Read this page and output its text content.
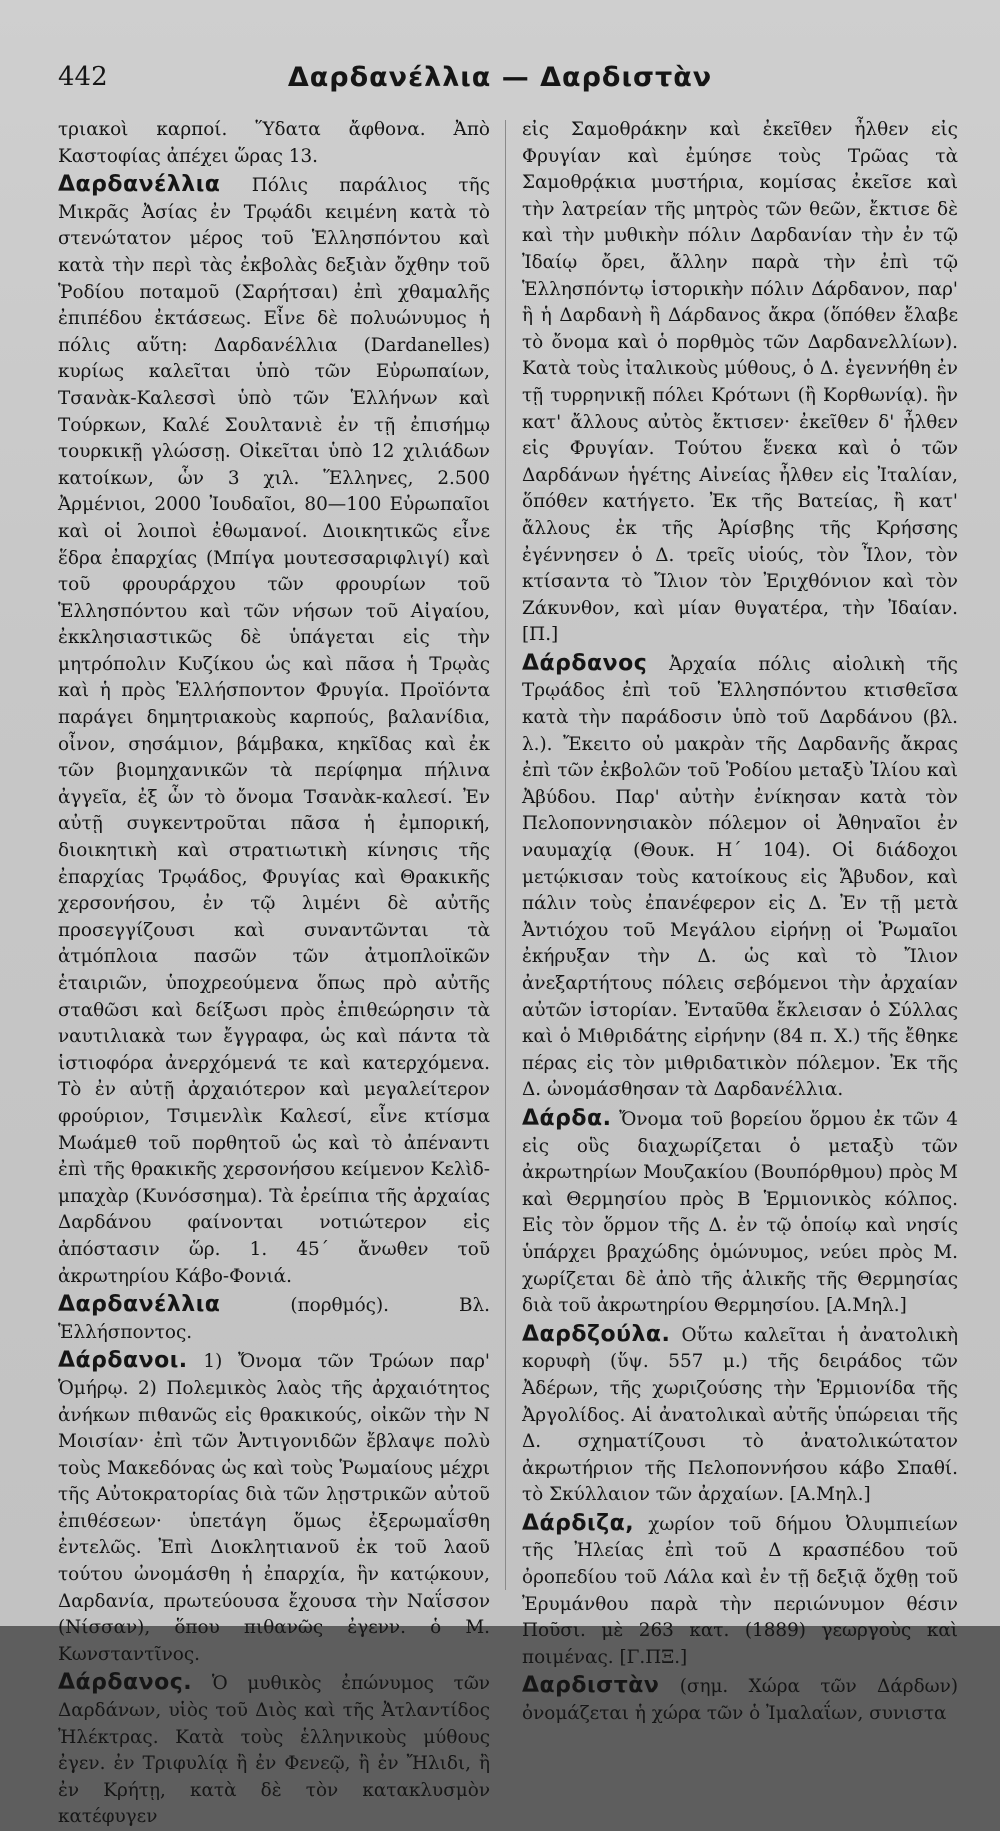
442	Δαρδανέλλια — Δαρδιστὰν

τριακοὶ καρποί. Ὕδατα ἄφθονα. Ἀπὸ Καστοφίας ἀπέχει ὥρας 13.

Δαρδανέλλια Πόλις παράλιος τῆς Μικρᾶς Ἀσίας ἐν Τρῳάδι κειμένη κατὰ τὸ στενώτατον μέρος τοῦ Ἑλλησπόντου καὶ κατὰ τὴν περὶ τὰς ἐκβολὰς δεξιὰν ὄχθην τοῦ Ῥοδίου ποταμοῦ (Σαρήτσαι) ἐπὶ χθαμαλῆς ἐπιπέδου ἐκτάσεως. Εἶνε δὲ πολυώνυμος ἡ πόλις αὕτη: Δαρδανέλλια (Dardanelles) κυρίως καλεῖται ὑπὸ τῶν Εὐρωπαίων, Τσανὰκ-Καλεσσὶ ὑπὸ τῶν Ἑλλήνων καὶ Τούρκων, Καλέ Σουλτανιὲ ἐν τῇ ἐπισήμῳ τουρκικῇ γλώσσῃ. Οἰκεῖται ὑπὸ 12 χιλιάδων κατοίκων, ὧν 3 χιλ. Ἕλληνες, 2.500 Ἀρμένιοι, 2000 Ἰουδαῖοι, 80—100 Εὐρωπαῖοι καὶ οἱ λοιποὶ ἐθωμανοί. Διοικητικῶς εἶνε ἕδρα ἐπαρχίας (Μπίγα μουτεσσαριφλιγί) καὶ τοῦ φρουράρχου τῶν φρουρίων τοῦ Ἑλλησπόντου καὶ τῶν νήσων τοῦ Αἰγαίου, ἐκκλησιαστικῶς δὲ ὑπάγεται εἰς τὴν μητρόπολιν Κυζίκου ὡς καὶ πᾶσα ἡ Τρῳὰς καὶ ἡ πρὸς Ἑλλήσποντον Φρυγία. Προϊόντα παράγει δημητριακοὺς καρπούς, βαλανίδια, οἶνον, σησάμιον, βάμβακα, κηκῖδας καὶ ἐκ τῶν βιομηχανικῶν τὰ περίφημα πήλινα ἀγγεῖα, ἐξ ὧν τὸ ὄνομα Τσανὰκ-καλεσί. Ἐν αὐτῇ συγκεντροῦται πᾶσα ἡ ἐμπορική, διοικητικὴ καὶ στρατιωτικὴ κίνησις τῆς ἐπαρχίας Τρῳάδος, Φρυγίας καὶ Θρακικῆς χερσονήσου, ἐν τῷ λιμένι δὲ αὐτῆς προσεγγίζουσι καὶ συναντῶνται τὰ ἀτμόπλοια πασῶν τῶν ἀτμοπλοϊκῶν ἑταιριῶν, ὑποχρεούμενα ὅπως πρὸ αὐτῆς σταθῶσι καὶ δείξωσι πρὸς ἐπιθεώρησιν τὰ ναυτιλιακὰ των ἔγγραφα, ὡς καὶ πάντα τὰ ἱστιοφόρα ἀνερχόμενά τε καὶ κατερχόμενα. Τὸ ἐν αὐτῇ ἀρχαιότερον καὶ μεγαλείτερον φρούριον, Τσιμενλὶκ Καλεσί, εἶνε κτίσμα Μωάμεθ τοῦ πορθητοῦ ὡς καὶ τὸ ἀπέναντι ἐπὶ τῆς θρακικῆς χερσονήσου κείμενον Κελὶδ-μπαχὰρ (Κυνόσσημα). Τὰ ἐρείπια τῆς ἀρχαίας Δαρδάνου φαίνονται νοτιώτερον εἰς ἀπόστασιν ὥρ. 1. 45΄ ἄνωθεν τοῦ ἀκρωτηρίου Κάβο-Φονιά.

Δαρδανέλλια	(πορθμός). Βλ. Ἑλλήσποντος.

Δάρδανοι. 1) Ὄνομα τῶν Τρώων παρ' Ὁμήρῳ. 2) Πολεμικὸς λαὸς τῆς ἀρχαιότητος ἀνήκων πιθανῶς εἰς θρακικούς, οἰκῶν τὴν Ν Μοισίαν· ἐπὶ τῶν Ἀντιγονιδῶν ἔβλαψε πολὺ τοὺς Μακεδόνας ὡς καὶ τοὺς Ῥωμαίους μέχρι τῆς Αὐτοκρατορίας διὰ τῶν λῃστρικῶν αὐτοῦ ἐπιθέσεων· ὑπετάγη ὅμως ἐξερωμαΐσθη ἐντελῶς. Ἐπὶ Διοκλητιανοῦ ἐκ τοῦ λαοῦ τούτου ὠνομάσθη ἡ ἐπαρχία, ἣν κατῴκουν, Δαρδανία, πρωτεύουσα ἔχουσα τὴν Ναΐσσον (Νίσσαν), ὅπου πιθανῶς ἐγενν. ὁ Μ. Κωνσταντῖνος.

Δάρδανος. Ὁ μυθικὸς ἐπώνυμος τῶν Δαρδάνων, υἱὸς τοῦ Διὸς καὶ τῆς Ἀτλαντίδος Ἠλέκτρας. Κατὰ τοὺς ἑλληνικοὺς μύθους ἐγεν. ἐν Τριφυλίᾳ ἢ ἐν Φενεῷ, ἢ ἐν Ἤλιδι, ἢ ἐν Κρήτῃ, κατὰ δὲ τὸν κατακλυσμὸν κατέφυγεν

εἰς Σαμοθράκην καὶ ἐκεῖθεν ἦλθεν εἰς Φρυγίαν καὶ ἐμύησε τοὺς Τρῶας τὰ Σαμοθρᾴκια μυστήρια, κομίσας ἐκεῖσε καὶ τὴν λατρείαν τῆς μητρὸς τῶν θεῶν, ἔκτισε δὲ καὶ τὴν μυθικὴν πόλιν Δαρδανίαν τὴν ἐν τῷ Ἰδαίῳ ὄρει, ἄλλην παρὰ τὴν ἐπὶ τῷ Ἑλλησπόντῳ ἱστορικὴν πόλιν Δάρδανον, παρ' ἣ ἡ Δαρδανὴ ἢ Δάρδανος ἄκρα (ὅπόθεν ἔλαβε τὸ ὄνομα καὶ ὁ πορθμὸς τῶν Δαρδανελλίων). Κατὰ τοὺς ἰταλικοὺς μύθους, ὁ Δ. ἐγεννήθη ἐν τῇ τυρρηνικῇ πόλει Κρότωνι (ἢ Κορθωνίᾳ). ἣν κατ' ἄλλους αὐτὸς ἔκτισεν· ἐκεῖθεν δ' ἦλθεν εἰς Φρυγίαν. Τούτου ἕνεκα καὶ ὁ τῶν Δαρδάνων ἡγέτης Αἰνείας ἦλθεν εἰς Ἰταλίαν, ὅπόθεν κατήγετο. Ἐκ τῆς Βατείας, ἢ κατ' ἄλλους ἐκ τῆς Ἀρίσβης τῆς Κρήσσης ἐγέννησεν ὁ Δ. τρεῖς υἱούς, τὸν Ἶλον, τὸν κτίσαντα τὸ Ἴλιον τὸν Ἐριχθόνιον καὶ τὸν Ζάκυνθον, καὶ μίαν θυγατέρα, τὴν Ἰδαίαν. [Π.]

Δάρδανος Ἀρχαία πόλις αἰολικὴ τῆς Τρῳάδος ἐπὶ τοῦ Ἑλλησπόντου κτισθεῖσα κατὰ τὴν παράδοσιν ὑπὸ τοῦ Δαρδάνου (βλ. λ.). Ἔκειτο οὐ μακρὰν τῆς Δαρδανῆς ἄκρας ἐπὶ τῶν ἐκβολῶν τοῦ Ῥοδίου μεταξὺ Ἰλίου καὶ Ἀβύδου. Παρ' αὐτὴν ἐνίκησαν κατὰ τὸν Πελοποννησιακὸν πόλεμον οἱ Ἀθηναῖοι ἐν ναυμαχίᾳ (Θουκ. Η΄ 104). Οἱ διάδοχοι μετῴκισαν τοὺς κατοίκους εἰς Ἄβυδον, καὶ πάλιν τοὺς ἐπανέφερον εἰς Δ. Ἐν τῇ μετὰ Ἀντιόχου τοῦ Μεγάλου εἰρήνῃ οἱ Ῥωμαῖοι ἐκήρυξαν τὴν Δ. ὡς καὶ τὸ Ἴλιον ἀνεξαρτήτους πόλεις σεβόμενοι τὴν ἀρχαίαν αὐτῶν ἱστορίαν. Ἐνταῦθα ἔκλεισαν ὁ Σύλλας καὶ ὁ Μιθριδάτης εἰρήνην (84 π. Χ.) τῆς ἔθηκε πέρας εἰς τὸν μιθριδατικὸν πόλεμον. Ἐκ τῆς Δ. ὠνομάσθησαν τὰ Δαρδανέλλια.

Δάρδα. Ὄνομα τοῦ βορείου ὅρμου ἐκ τῶν 4 εἰς οὓς διαχωρίζεται ὁ μεταξὺ τῶν ἀκρωτηρίων Μουζακίου (Βουπόρθμου) πρὸς Μ καὶ Θερμησίου πρὸς Β Ἑρμιονικὸς κόλπος. Εἰς τὸν ὅρμον τῆς Δ. ἐν τῷ ὁποίῳ καὶ νησίς ὑπάρχει βραχώδης ὁμώνυμος, νεύει πρὸς Μ. χωρίζεται δὲ ἀπὸ τῆς ἁλικῆς τῆς Θερμησίας διὰ τοῦ ἀκρωτηρίου Θερμησίου. [Α.Μηλ.]

Δαρδζούλα. Οὕτω καλεῖται ἡ ἀνατολικὴ κορυφὴ (ὕψ. 557 μ.) τῆς δειράδος τῶν Ἀδέρων, τῆς χωριζούσης τὴν Ἑρμιονίδα τῆς Ἀργολίδος. Αἱ ἀνατολικαὶ αὐτῆς ὑπώρειαι τῆς Δ. σχηματίζουσι τὸ ἀνατολικώτατον ἀκρωτήριον τῆς Πελοποννήσου κάβο Σπαθί. τὸ Σκύλλαιον τῶν ἀρχαίων. [Α.Μηλ.]

Δάρδιζα, χωρίον τοῦ δήμου Ὀλυμπιείων τῆς Ἠλείας ἐπὶ τοῦ Δ κρασπέδου τοῦ ὀροπεδίου τοῦ Λάλα καὶ ἐν τῇ δεξιᾷ ὄχθῃ τοῦ Ἐρυμάνθου παρὰ τὴν περιώνυμον θέσιν Ποῦσι. μὲ 263 κατ. (1889) γεωργοὺς καὶ ποιμένας. [Γ.ΠΞ.]

Δαρδιστὰν (σημ. Χώρα τῶν Δάρδων) ὀνομάζεται ἡ χώρα τῶν ὁ Ἰμαλαΐων, συνιστα
